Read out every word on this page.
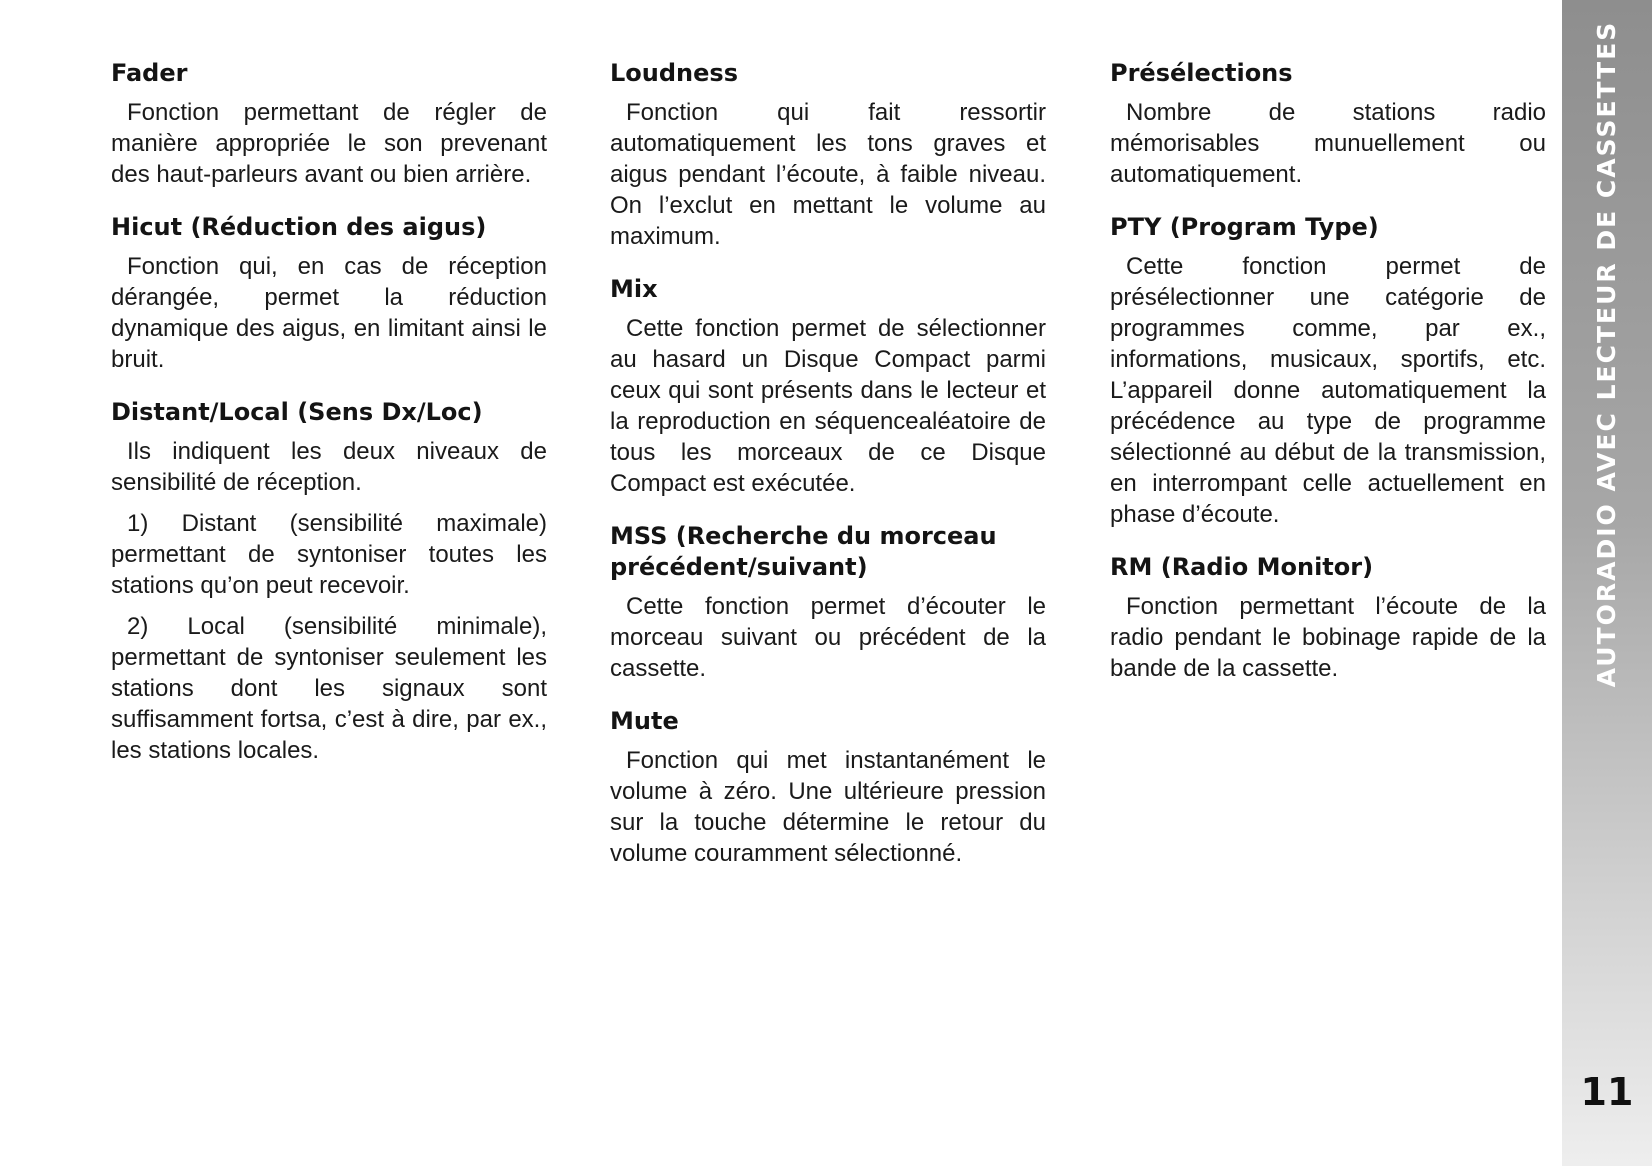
Fader

Fonction permettant de régler de manière appropriée le son prevenant des haut-parleurs avant ou bien arrière.

Hicut (Réduction des aigus)

Fonction qui, en cas de réception dérangée, permet la réduction dynamique des aigus, en limitant ainsi le bruit.

Distant/Local (Sens Dx/Loc)

Ils indiquent les deux niveaux de sensibilité de réception.

1) Distant (sensibilité maximale) permettant de syntoniser toutes les stations qu’on peut recevoir.

2) Local (sensibilité minimale), permettant de syntoniser seulement les stations dont les signaux sont suffisamment fortsa, c’est à dire, par ex., les stations locales.

Loudness

Fonction qui fait ressortir automatiquement les tons graves et aigus pendant l’écoute, à faible niveau. On l’exclut en mettant le volume au maximum.

Mix

Cette fonction permet de sélectionner au hasard un Disque Compact parmi ceux qui sont présents dans le lecteur et la reproduction en séquencealéatoire de tous les morceaux de ce Disque Compact est exécutée.

MSS (Recherche du morceau précédent/suivant)

Cette fonction permet d’écouter le morceau suivant ou précédent de la cassette.

Mute

Fonction qui met instantanément le volume à zéro. Une ultérieure pression sur la touche détermine le retour du volume couramment sélectionné.

Présélections

Nombre de stations radio mémorisables munuellement ou automatiquement.

PTY (Program Type)

Cette fonction permet de présélectionner une catégorie de programmes comme, par ex., informations, musicaux, sportifs, etc. L’appareil donne automatiquement la précédence au type de programme sélectionné au début de la transmission, en interrompant celle actuellement en phase d’écoute.

RM (Radio Monitor)

Fonction permettant l’écoute de la radio pendant le bobinage rapide de la bande de la cassette.	AUTORADIO AVEC LECTEUR DE CASSETTES
11
